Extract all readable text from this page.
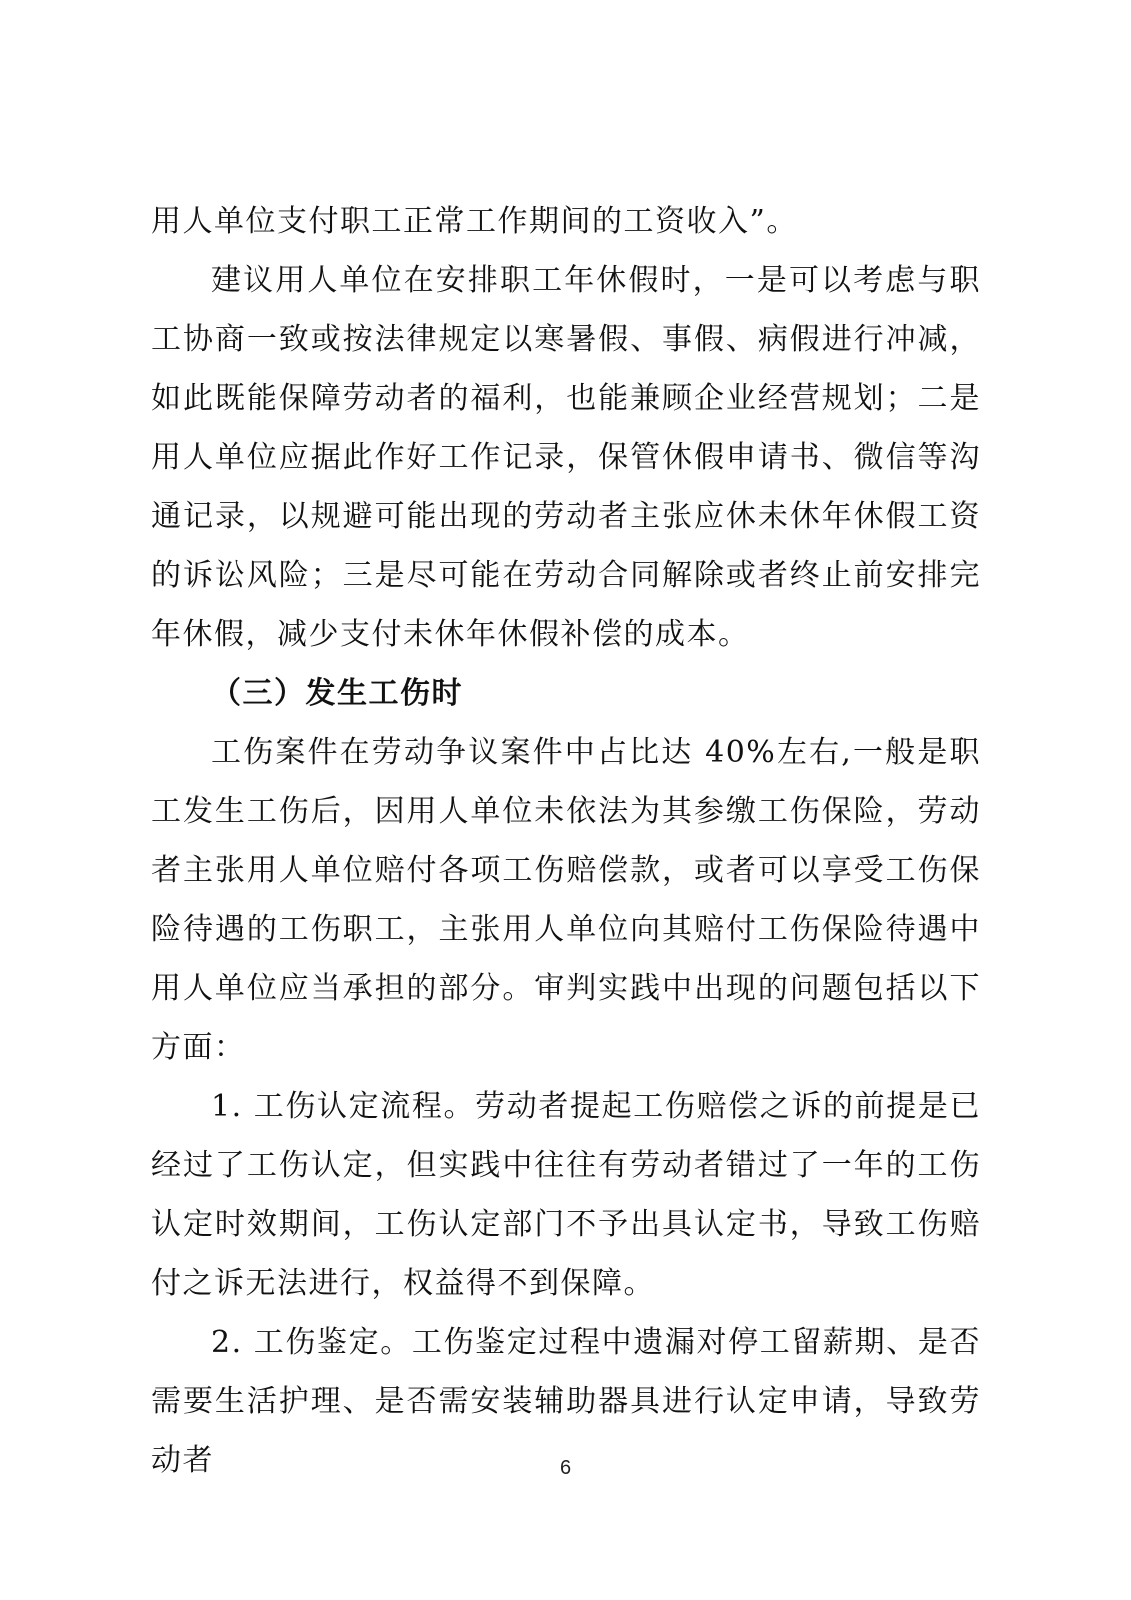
用人单位支付职工正常工作期间的工资收入”。

建议用人单位在安排职工年休假时，一是可以考虑与职工协商一致或按法律规定以寒暑假、事假、病假进行冲减，如此既能保障劳动者的福利，也能兼顾企业经营规划；二是用人单位应据此作好工作记录，保管休假申请书、微信等沟通记录，以规避可能出现的劳动者主张应休未休年休假工资的诉讼风险；三是尽可能在劳动合同解除或者终止前安排完年休假，减少支付未休年休假补偿的成本。

（三）发生工伤时

工伤案件在劳动争议案件中占比达 40%左右,一般是职工发生工伤后，因用人单位未依法为其参缴工伤保险，劳动者主张用人单位赔付各项工伤赔偿款，或者可以享受工伤保险待遇的工伤职工，主张用人单位向其赔付工伤保险待遇中用人单位应当承担的部分。审判实践中出现的问题包括以下方面：

1. 工伤认定流程。劳动者提起工伤赔偿之诉的前提是已经过了工伤认定，但实践中往往有劳动者错过了一年的工伤认定时效期间，工伤认定部门不予出具认定书，导致工伤赔付之诉无法进行，权益得不到保障。

2. 工伤鉴定。工伤鉴定过程中遗漏对停工留薪期、是否需要生活护理、是否需安装辅助器具进行认定申请，导致劳动者	6
